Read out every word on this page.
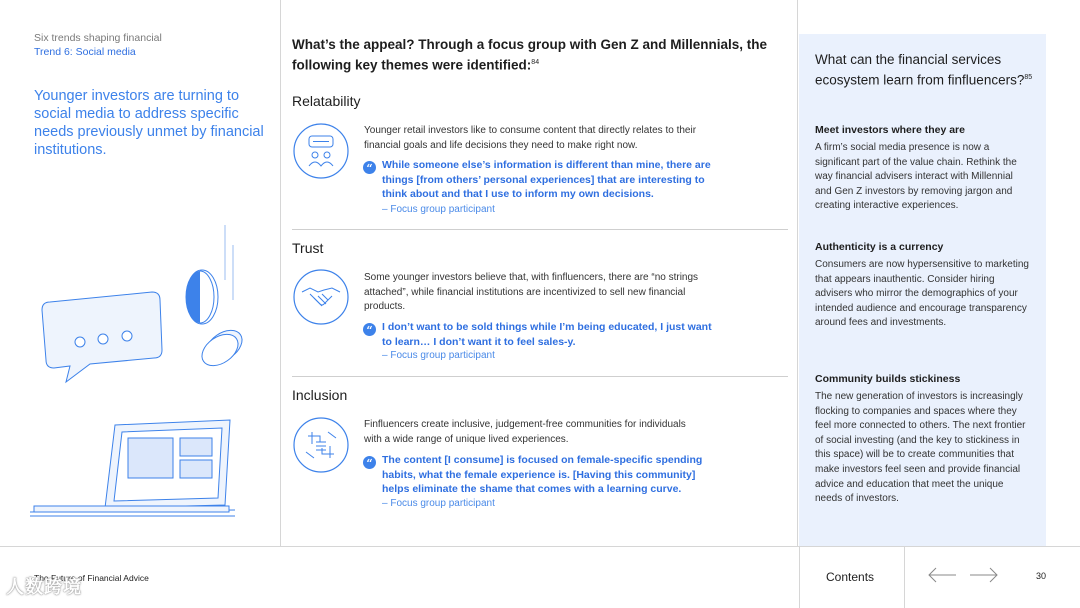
Six trends shaping financial
Trend 6: Social media
Younger investors are turning to social media to address specific needs previously unmet by financial institutions.
What’s the appeal? Through a focus group with Gen Z and Millennials, the following key themes were identified:$^{84}$
Relatability
Younger retail investors like to consume content that directly relates to their financial goals and life decisions they need to make right now.
“ While someone else’s information is different than mine, there are things [from others’ personal experiences] that are interesting to think about and that I use to inform my own decisions.
– Focus group participant
Trust
Some younger investors believe that, with finfluencers, there are “no strings attached”, while financial institutions are incentivized to sell new financial products.
“ I don’t want to be sold things while I’m being educated, I just want to learn… I don’t want it to feel sales-y.
– Focus group participant
Inclusion
Finfluencers create inclusive, judgement-free communities for individuals with a wide range of unique lived experiences.
“ The content [I consume] is focused on female-specific spending habits, what the female experience is. [Having this community] helps eliminate the shame that comes with a learning curve.
– Focus group participant
What can the financial services ecosystem learn from finfluencers?$^{85}$
Meet investors where they are
A firm’s social media presence is now a significant part of the value chain. Rethink the way financial advisers interact with Millennial and Gen Z investors by removing jargon and creating interactive experiences.
Authenticity is a currency
Consumers are now hypersensitive to marketing that appears inauthentic. Consider hiring advisers who mirror the demographics of your intended audience and encourage transparency around fees and investments.
Community builds stickiness
The new generation of investors is increasingly flocking to companies and spaces where they feel more connected to others. The next frontier of social investing (and the key to stickiness in this space) will be to create communities that make investors feel seen and provide financial advice and education that meet the unique needs of investors.
The Future of Financial Advice
人数跨境	Contents	30
